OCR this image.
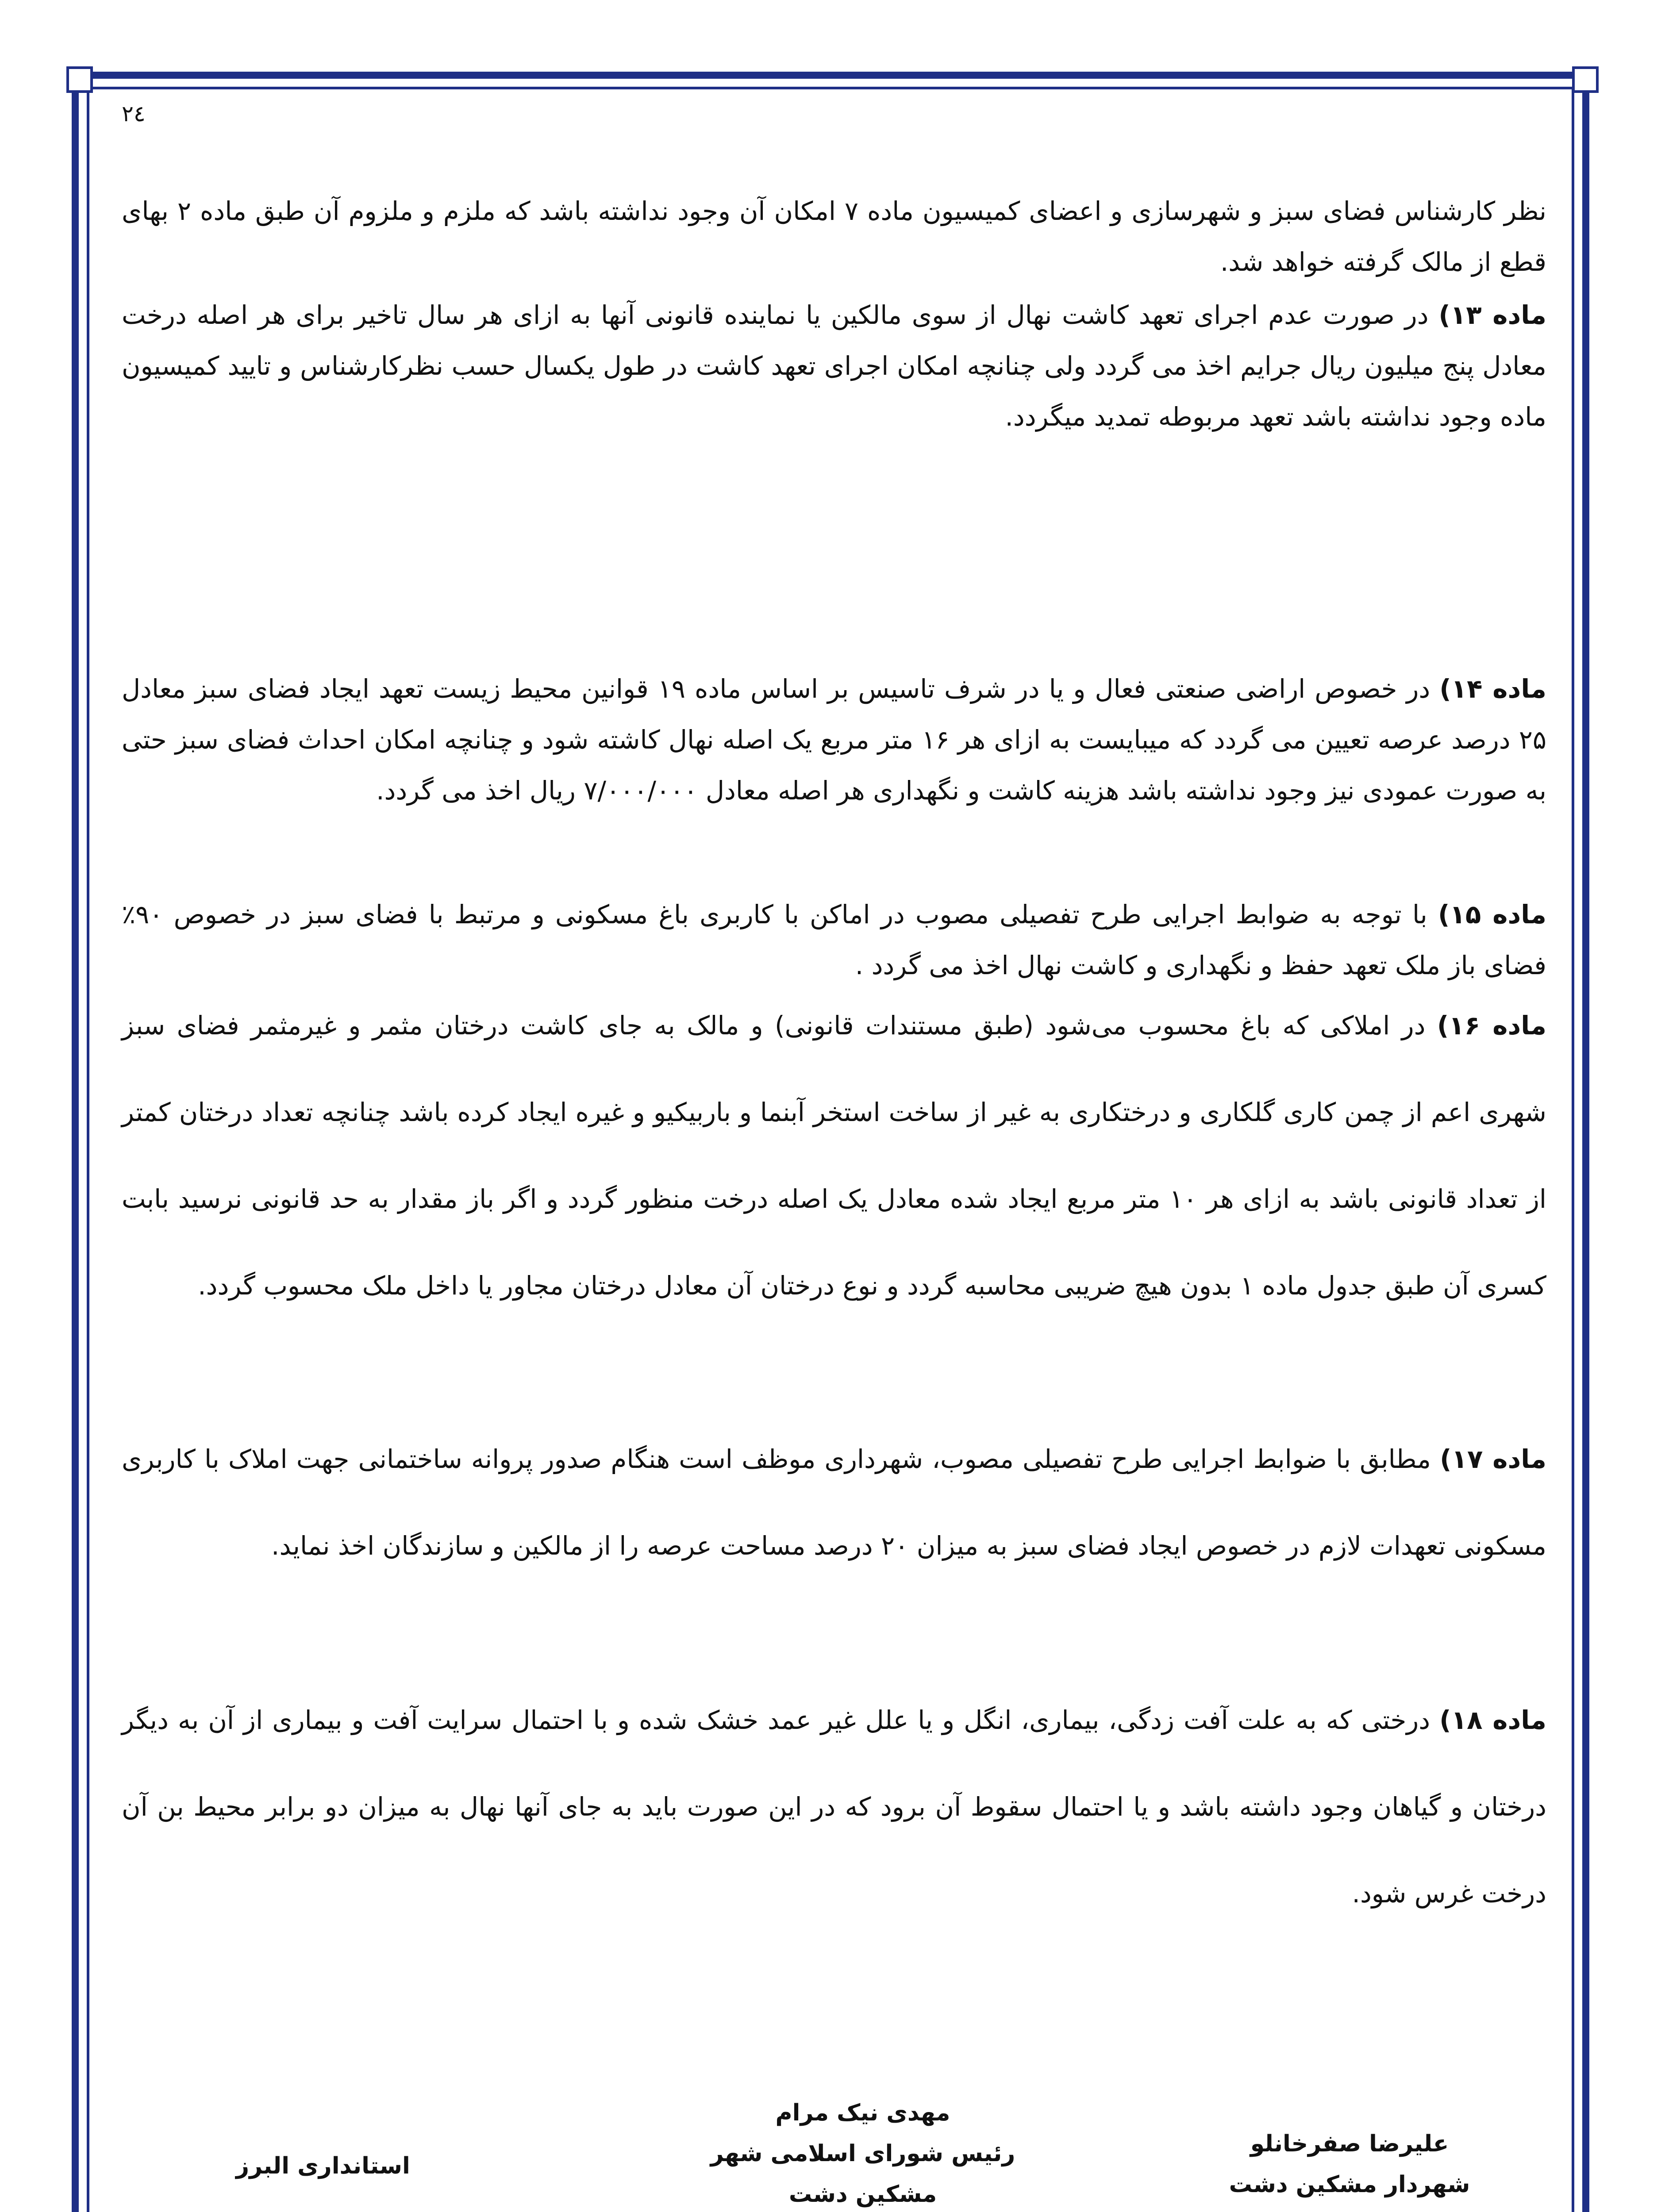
۲٤

نظر کارشناس فضای سبز و شهرسازی و اعضای کمیسیون ماده ۷ امکان آن وجود نداشته باشد که ملزم و ملزوم آن طبق ماده ۲ بهای قطع از مالک گرفته خواهد شد.

ماده ۱۳) در صورت عدم اجرای تعهد کاشت نهال از سوی مالکین یا نماینده قانونی آنها به ازای هر سال تاخیر برای هر اصله درخت معادل پنج میلیون ریال جرایم اخذ می گردد ولی چنانچه امکان اجرای تعهد کاشت در طول یکسال حسب نظرکارشناس و تایید کمیسیون ماده وجود نداشته باشد تعهد مربوطه تمدید میگردد.

ماده ۱۴) در خصوص اراضی صنعتی فعال و یا در شرف تاسیس بر اساس ماده ۱۹ قوانین محیط زیست تعهد ایجاد فضای سبز معادل ۲۵ درصد عرصه تعیین می گردد که میبایست به ازای هر ۱۶ متر مربع یک اصله نهال کاشته شود و چنانچه امکان احداث فضای سبز حتی به صورت عمودی نیز وجود نداشته باشد هزینه کاشت و نگهداری هر اصله معادل ۷/۰۰۰/۰۰۰ ریال اخذ می گردد.

ماده ۱۵) با توجه به ضوابط اجرایی طرح تفصیلی مصوب در اماکن با کاربری باغ مسکونی و مرتبط با فضای سبز در خصوص ۹۰٪ فضای باز ملک تعهد حفظ و نگهداری و کاشت نهال اخذ می گردد .

ماده ۱۶) در املاکی که باغ محسوب می‌شود (طبق مستندات قانونی) و مالک به جای کاشت درختان مثمر و غیرمثمر فضای سبز شهری اعم از چمن کاری گلکاری و درختکاری به غیر از ساخت استخر آبنما و باربیکیو و غیره ایجاد کرده باشد چنانچه تعداد درختان کمتر از تعداد قانونی باشد به ازای هر ۱۰ متر مربع ایجاد شده معادل یک اصله درخت منظور گردد و اگر باز مقدار به حد قانونی نرسید بابت کسری آن طبق جدول ماده ۱ بدون هیچ ضریبی محاسبه گردد و نوع درختان آن معادل درختان مجاور یا داخل ملک محسوب گردد.

ماده ۱۷) مطابق با ضوابط اجرایی طرح تفصیلی مصوب، شهرداری موظف است هنگام صدور پروانه ساختمانی جهت املاک با کاربری مسکونی تعهدات لازم در خصوص ایجاد فضای سبز به میزان ۲۰ درصد مساحت عرصه را از مالکین و سازندگان اخذ نماید.

ماده ۱۸) درختی که به علت آفت زدگی، بیماری، انگل و یا علل غیر عمد خشک شده و با احتمال سرایت آفت و بیماری از آن به دیگر درختان و گیاهان وجود داشته باشد و یا احتمال سقوط آن برود که در این صورت باید به جای آنها نهال به میزان دو برابر محیط بن آن درخت غرس شود.

علیرضا صفرخانلو
شهردار مشکین دشت
مهدی نیک مرام
رئیس شورای اسلامی شهر
مشکین دشت
استانداری البرز
